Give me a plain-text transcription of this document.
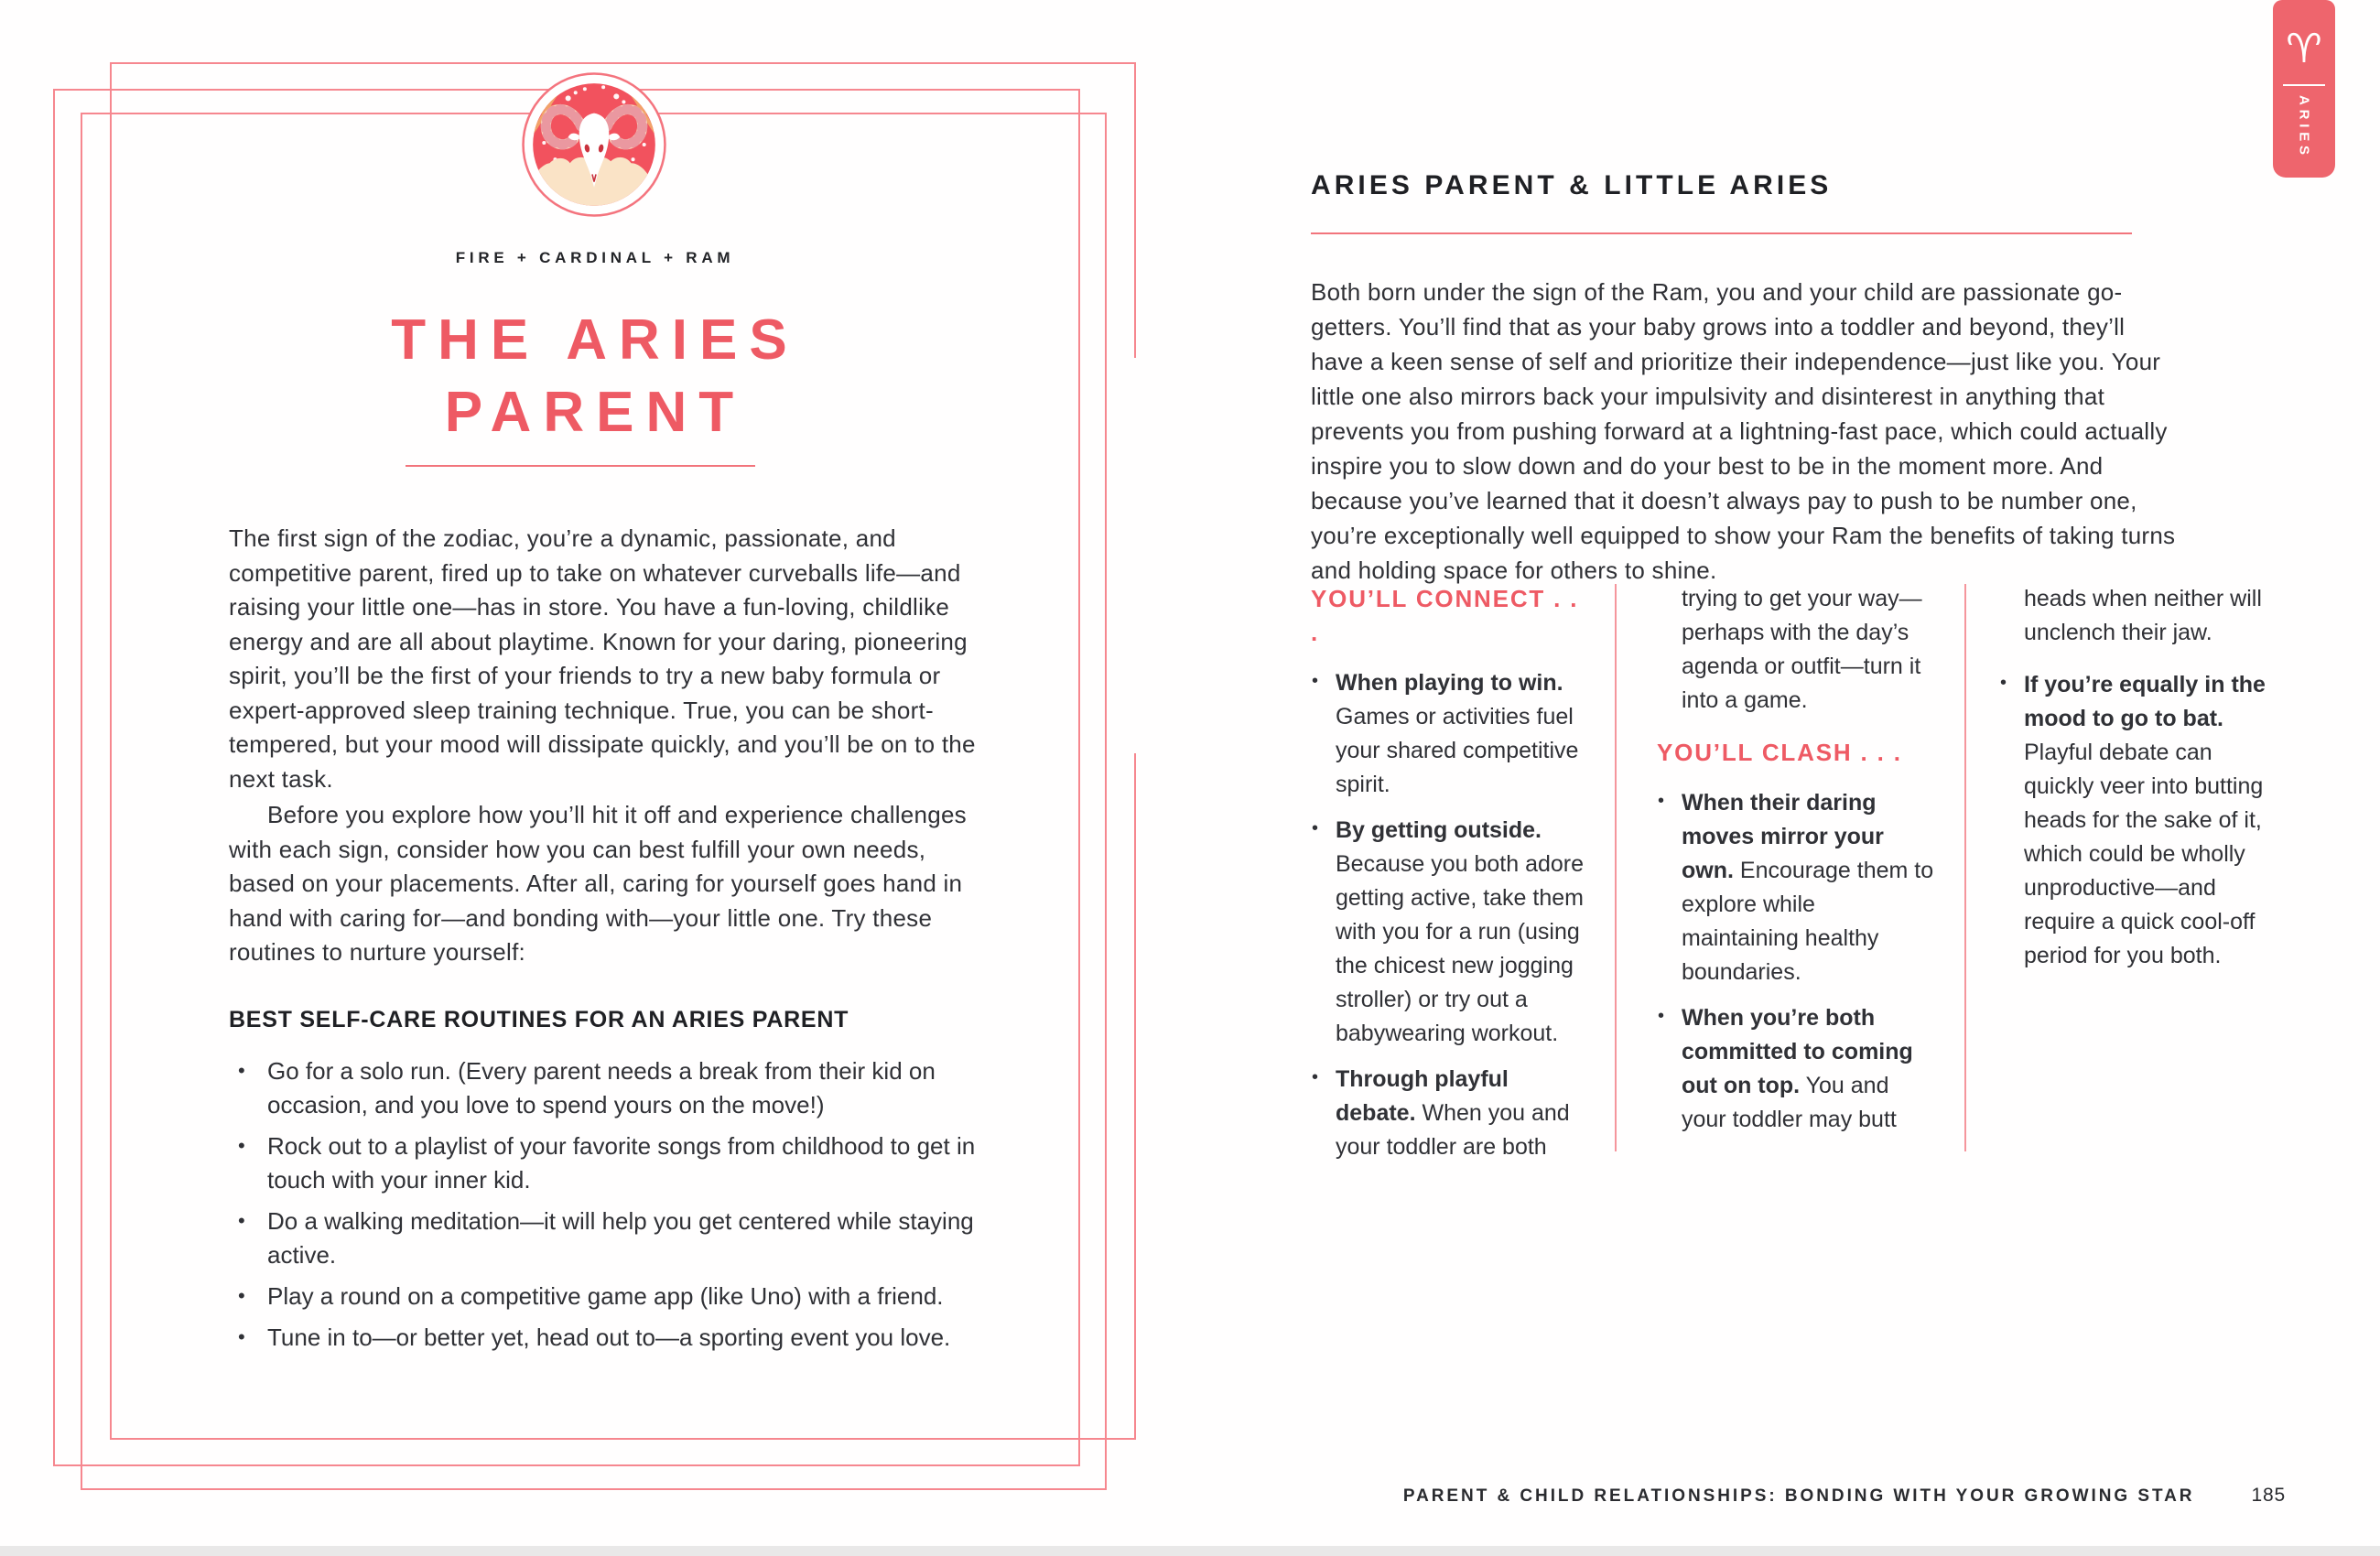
FIRE + CARDINAL + RAM
THE ARIES
PARENT
The first sign of the zodiac, you’re a dynamic, passionate, and competitive parent, fired up to take on whatever curveballs life—and raising your little one—has in store. You have a fun-loving, childlike energy and are all about playtime. Known for your daring, pioneering spirit, you’ll be the first of your friends to try a new baby formula or expert-approved sleep training technique. True, you can be short-tempered, but your mood will dissipate quickly, and you’ll be on to the next task.
Before you explore how you’ll hit it off and experience challenges with each sign, consider how you can best fulfill your own needs, based on your placements. After all, caring for yourself goes hand in hand with caring for—and bonding with—your little one. Try these routines to nurture yourself:
BEST SELF-CARE ROUTINES FOR AN ARIES PARENT
• Go for a solo run. (Every parent needs a break from their kid on occasion, and you love to spend yours on the move!)
• Rock out to a playlist of your favorite songs from childhood to get in touch with your inner kid.
• Do a walking meditation—it will help you get centered while staying active.
• Play a round on a competitive game app (like Uno) with a friend.
• Tune in to—or better yet, head out to—a sporting event you love.
ARIES PARENT & LITTLE ARIES
Both born under the sign of the Ram, you and your child are passionate go-getters. You’ll find that as your baby grows into a toddler and beyond, they’ll have a keen sense of self and prioritize their independence—just like you. Your little one also mirrors back your impulsivity and disinterest in anything that prevents you from pushing forward at a lightning-fast pace, which could actually inspire you to slow down and do your best to be in the moment more. And because you’ve learned that it doesn’t always pay to push to be number one, you’re exceptionally well equipped to show your Ram the benefits of taking turns and holding space for others to shine.
YOU’LL CONNECT . . .
• When playing to win. Games or activities fuel your shared competitive spirit.
• By getting outside. Because you both adore getting active, take them with you for a run (using the chicest new jogging stroller) or try out a babywearing workout.
• Through playful debate. When you and your toddler are both
trying to get your way—perhaps with the day’s agenda or outfit—turn it into a game.
YOU’LL CLASH . . .
• When their daring moves mirror your own. Encourage them to explore while maintaining healthy boundaries.
• When you’re both committed to coming out on top. You and your toddler may butt
heads when neither will unclench their jaw.
• If you’re equally in the mood to go to bat. Playful debate can quickly veer into butting heads for the sake of it, which could be wholly unproductive—and require a quick cool-off period for you both.
PARENT & CHILD RELATIONSHIPS: BONDING WITH YOUR GROWING STAR	185
♈
ARIES
